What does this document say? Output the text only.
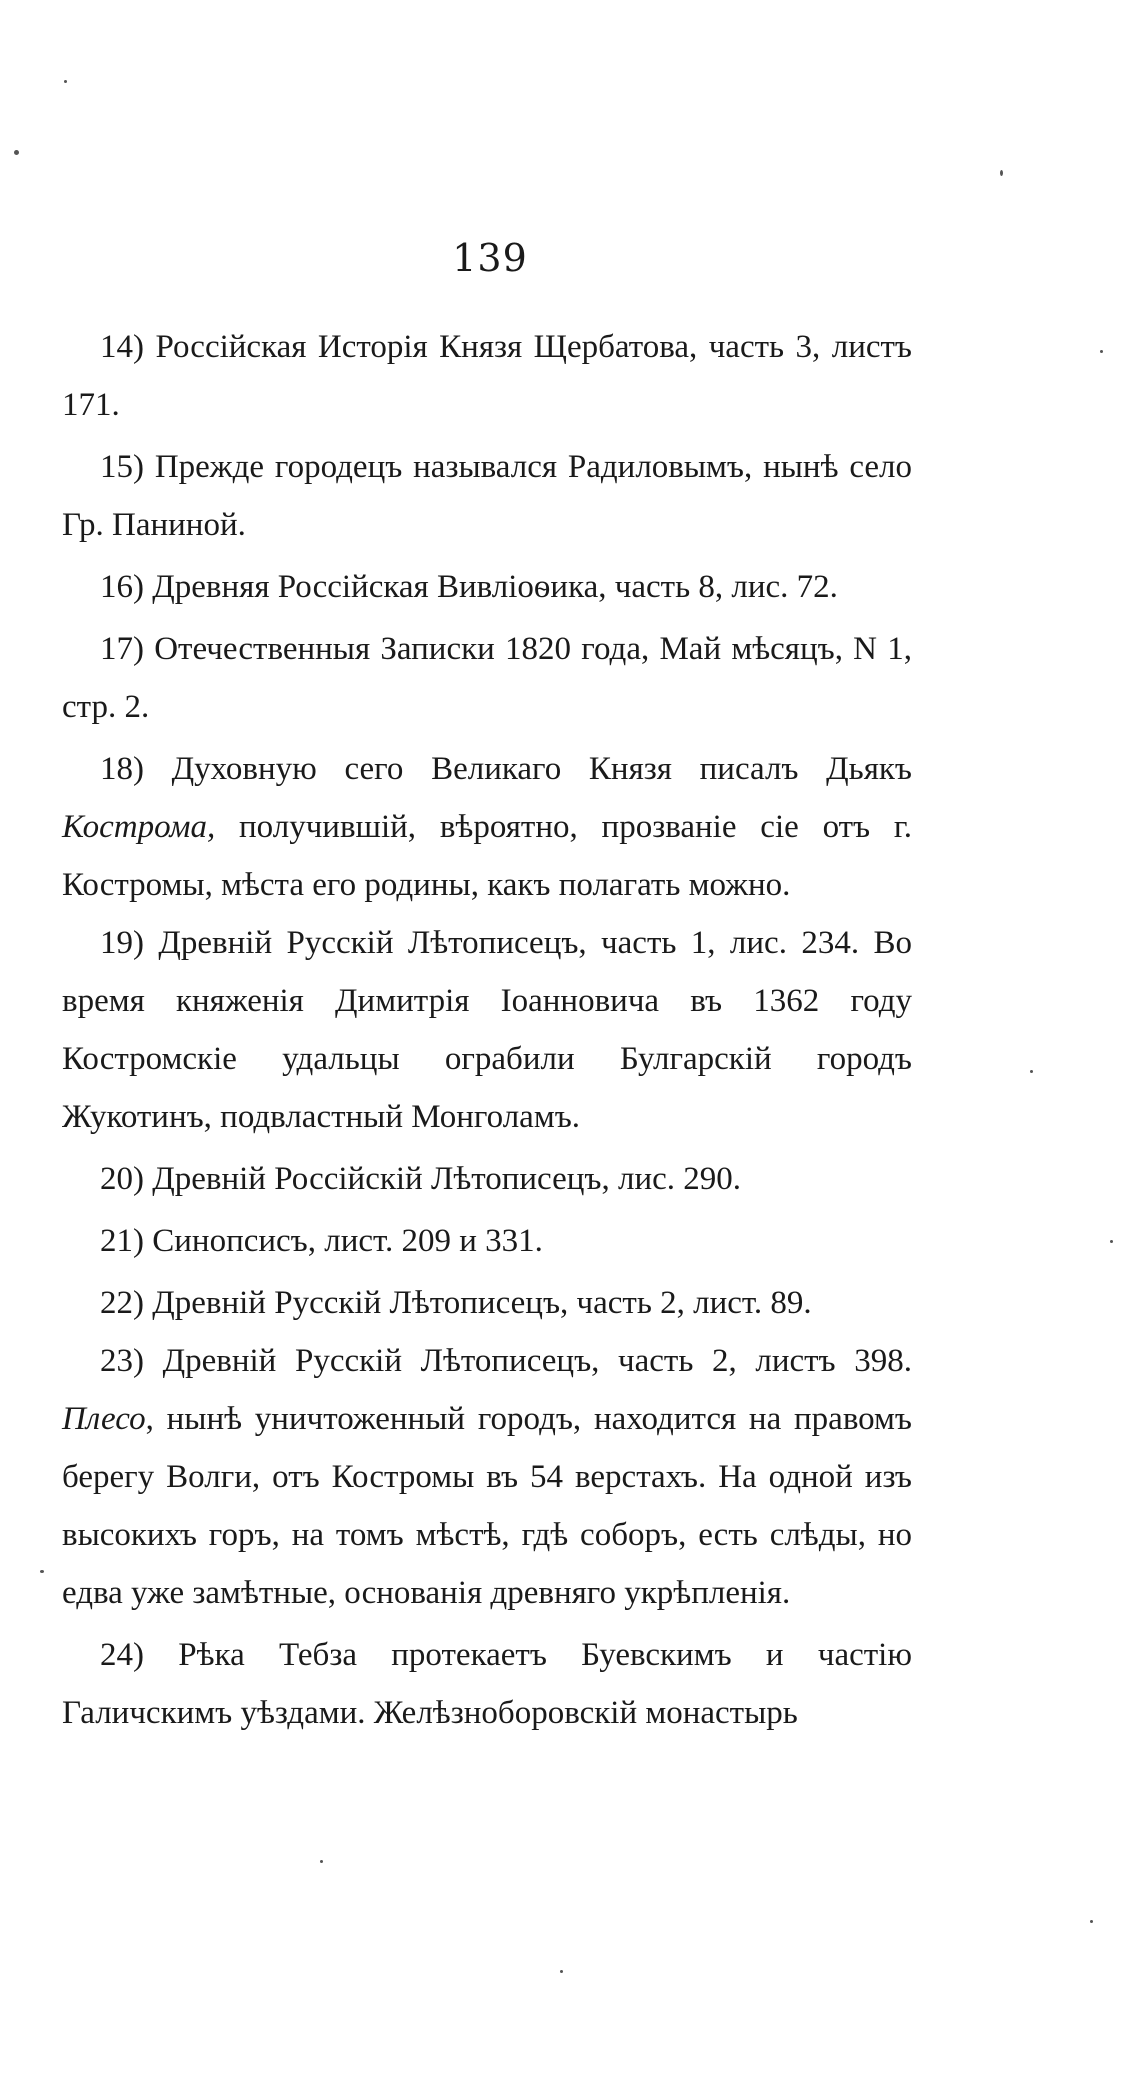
139

14) Россійская Исторія Князя Щербатова, часть 3, листъ 171.

15) Прежде городецъ назывался Радиловымъ, нынѣ село Гр. Паниной.

16) Древняя Россійская Вивліоѳика, часть 8, лис. 72.

17) Отечественныя Записки 1820 года, Май мѣсяцъ, N 1, стр. 2.

18) Духовную сего Великаго Князя писалъ Дьякъ Кострома, получившій, вѣроятно, прозваніе сіе отъ г. Костромы, мѣста его родины, какъ полагать можно.

19) Древній Русскій Лѣтописецъ, часть 1, лис. 234. Во время княженія Димитрія Іоанновича въ 1362 году Костромскіе удальцы ограбили Булгарскій городъ Жукотинъ, подвластный Монголамъ.

20) Древній Россійскій Лѣтописецъ, лис. 290.

21) Синопсисъ, лист. 209 и 331.

22) Древній Русскій Лѣтописецъ, часть 2, лист. 89.

23) Древній Русскій Лѣтописецъ, часть 2, листъ 398. Плесо, нынѣ уничтоженный городъ, находится на правомъ берегу Волги, отъ Костромы въ 54 верстахъ. На одной изъ высокихъ горъ, на томъ мѣстѣ, гдѣ соборъ, есть слѣды, но едва уже замѣтные, основанія древняго укрѣпленія.

24) Рѣка Тебза протекаетъ Буевскимъ и частію Галичскимъ уѣздами. Желѣзноборовскій монастырь
